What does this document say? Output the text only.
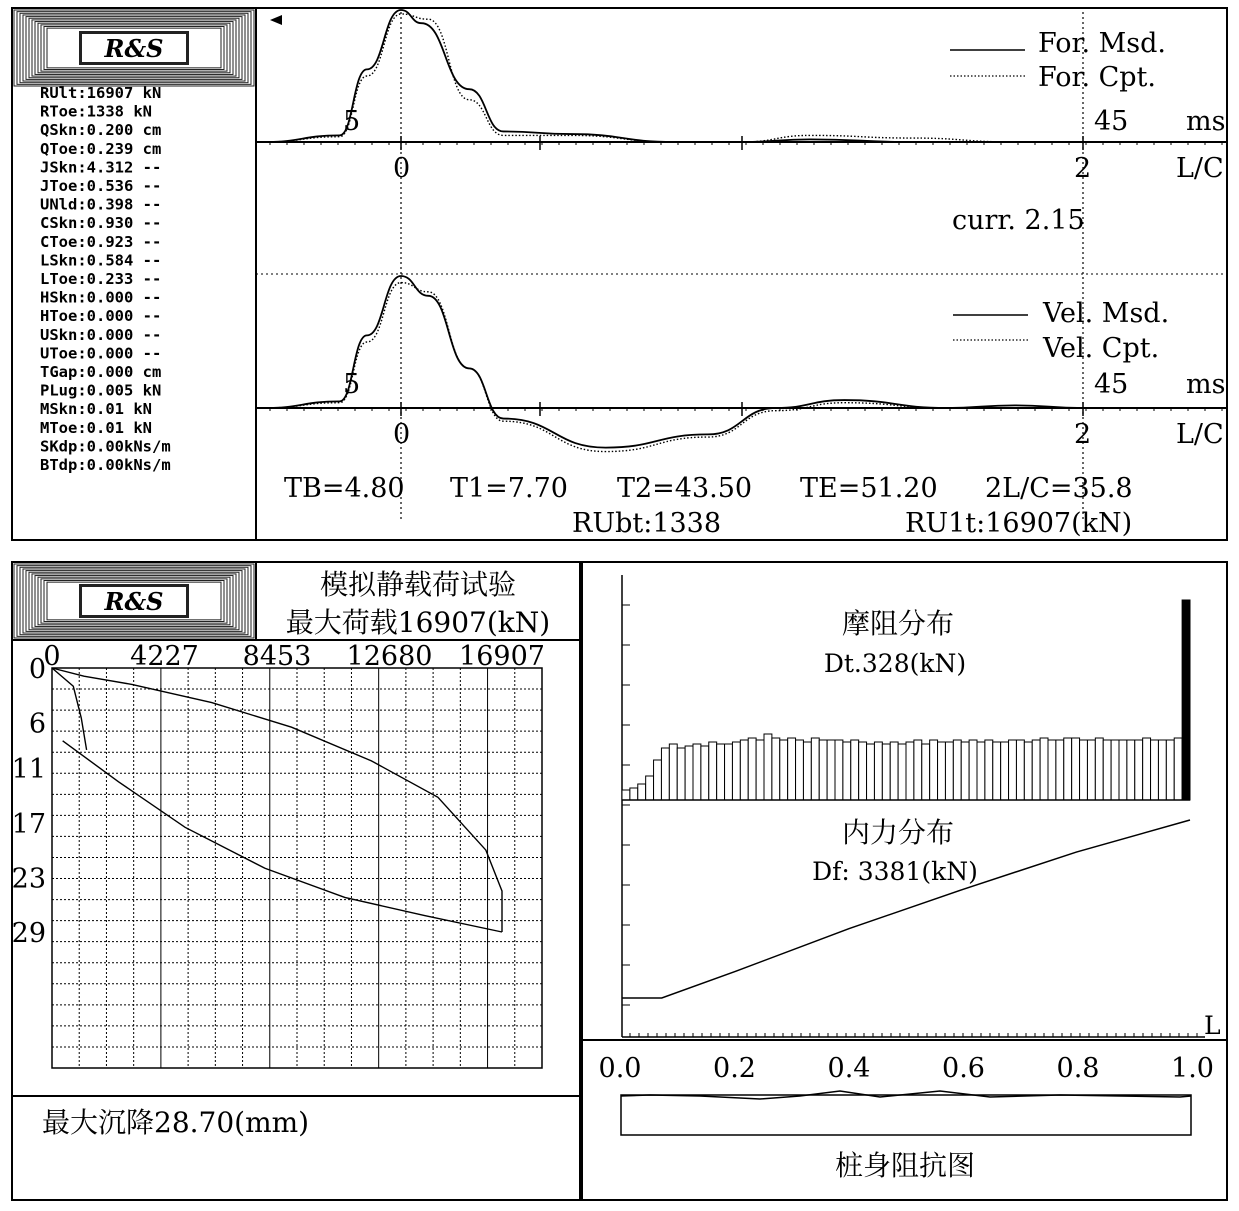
R&S
RUlt:16907 kN
RToe:1338 kN
QSkn:0.200 cm
QToe:0.239 cm
JSkn:4.312 --
JToe:0.536 --
UNld:0.398 --
CSkn:0.930 --
CToe:0.923 --
LSkn:0.584 --
LToe:0.233 --
HSkn:0.000 --
HToe:0.000 --
USkn:0.000 --
UToe:0.000 --
TGap:0.000 cm
PLug:0.005 kN
MSkn:0.01 kN
MToe:0.01 kN
SKdp:0.00kNs/m
BTdp:0.00kNs/m
For. Msd.
For. Cpt.
5	45 ms
0	2	L/C
curr. 2.15
Vel. Msd.
Vel. Cpt.
5	45 ms
0	2	L/C
TB=4.80 T1=7.70 T2=43.50 TE=51.20 2L/C=35.8
RUbt:1338	RU1t:16907(kN)
R&S
模拟静载荷试验
最大荷载16907(kN)
0	4227 8453 12680 16907
0
6
11
17
23
29
最大沉降28.70(mm)
摩阻分布
Dt.328(kN)
内力分布
Df: 3381(kN)
L
0.0	0.2	0.4	0.6	0.8	1.0
桩身阻抗图
